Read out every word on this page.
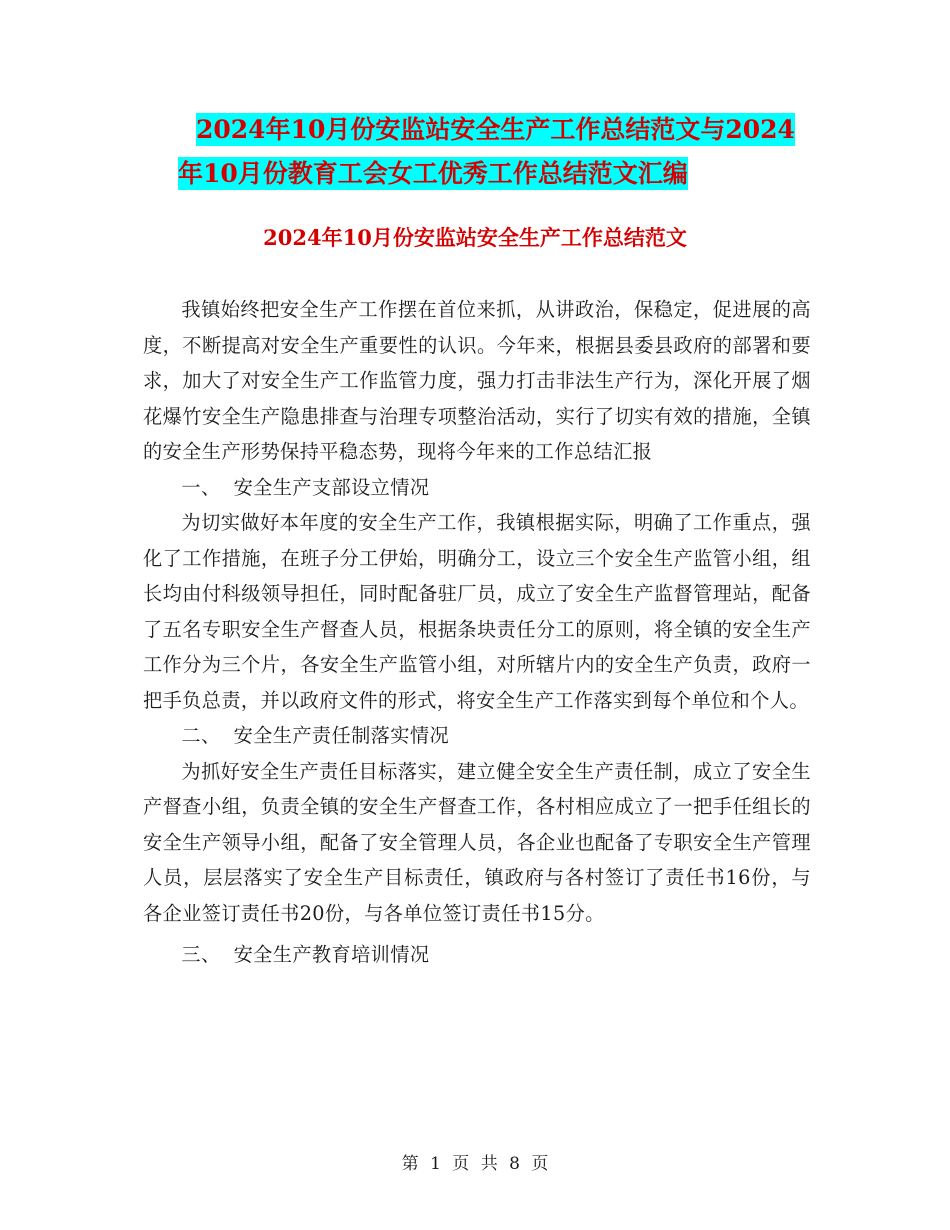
2024年10月份安监站安全生产工作总结范文与2024
年10月份教育工会女工优秀工作总结范文汇编
2024年10月份安监站安全生产工作总结范文

我镇始终把安全生产工作摆在首位来抓，从讲政治，保稳定，促进展的高度，不断提高对安全生产重要性的认识。今年来，根据县委县政府的部署和要求，加大了对安全生产工作监管力度，强力打击非法生产行为，深化开展了烟花爆竹安全生产隐患排查与治理专项整治活动，实行了切实有效的措施，全镇的安全生产形势保持平稳态势，现将今年来的工作总结汇报

一、  安全生产支部设立情况

为切实做好本年度的安全生产工作，我镇根据实际，明确了工作重点，强化了工作措施，在班子分工伊始，明确分工，设立三个安全生产监管小组，组长均由付科级领导担任，同时配备驻厂员，成立了安全生产监督管理站，配备了五名专职安全生产督查人员，根据条块责任分工的原则，将全镇的安全生产工作分为三个片，各安全生产监管小组，对所辖片内的安全生产负责，政府一把手负总责，并以政府文件的形式，将安全生产工作落实到每个单位和个人。

二、  安全生产责任制落实情况

为抓好安全生产责任目标落实，建立健全安全生产责任制，成立了安全生产督查小组，负责全镇的安全生产督查工作，各村相应成立了一把手任组长的安全生产领导小组，配备了安全管理人员，各企业也配备了专职安全生产管理人员，层层落实了安全生产目标责任，镇政府与各村签订了责任书16份，与各企业签订责任书20份，与各单位签订责任书15分。

三、  安全生产教育培训情况

第 1 页 共 8 页
